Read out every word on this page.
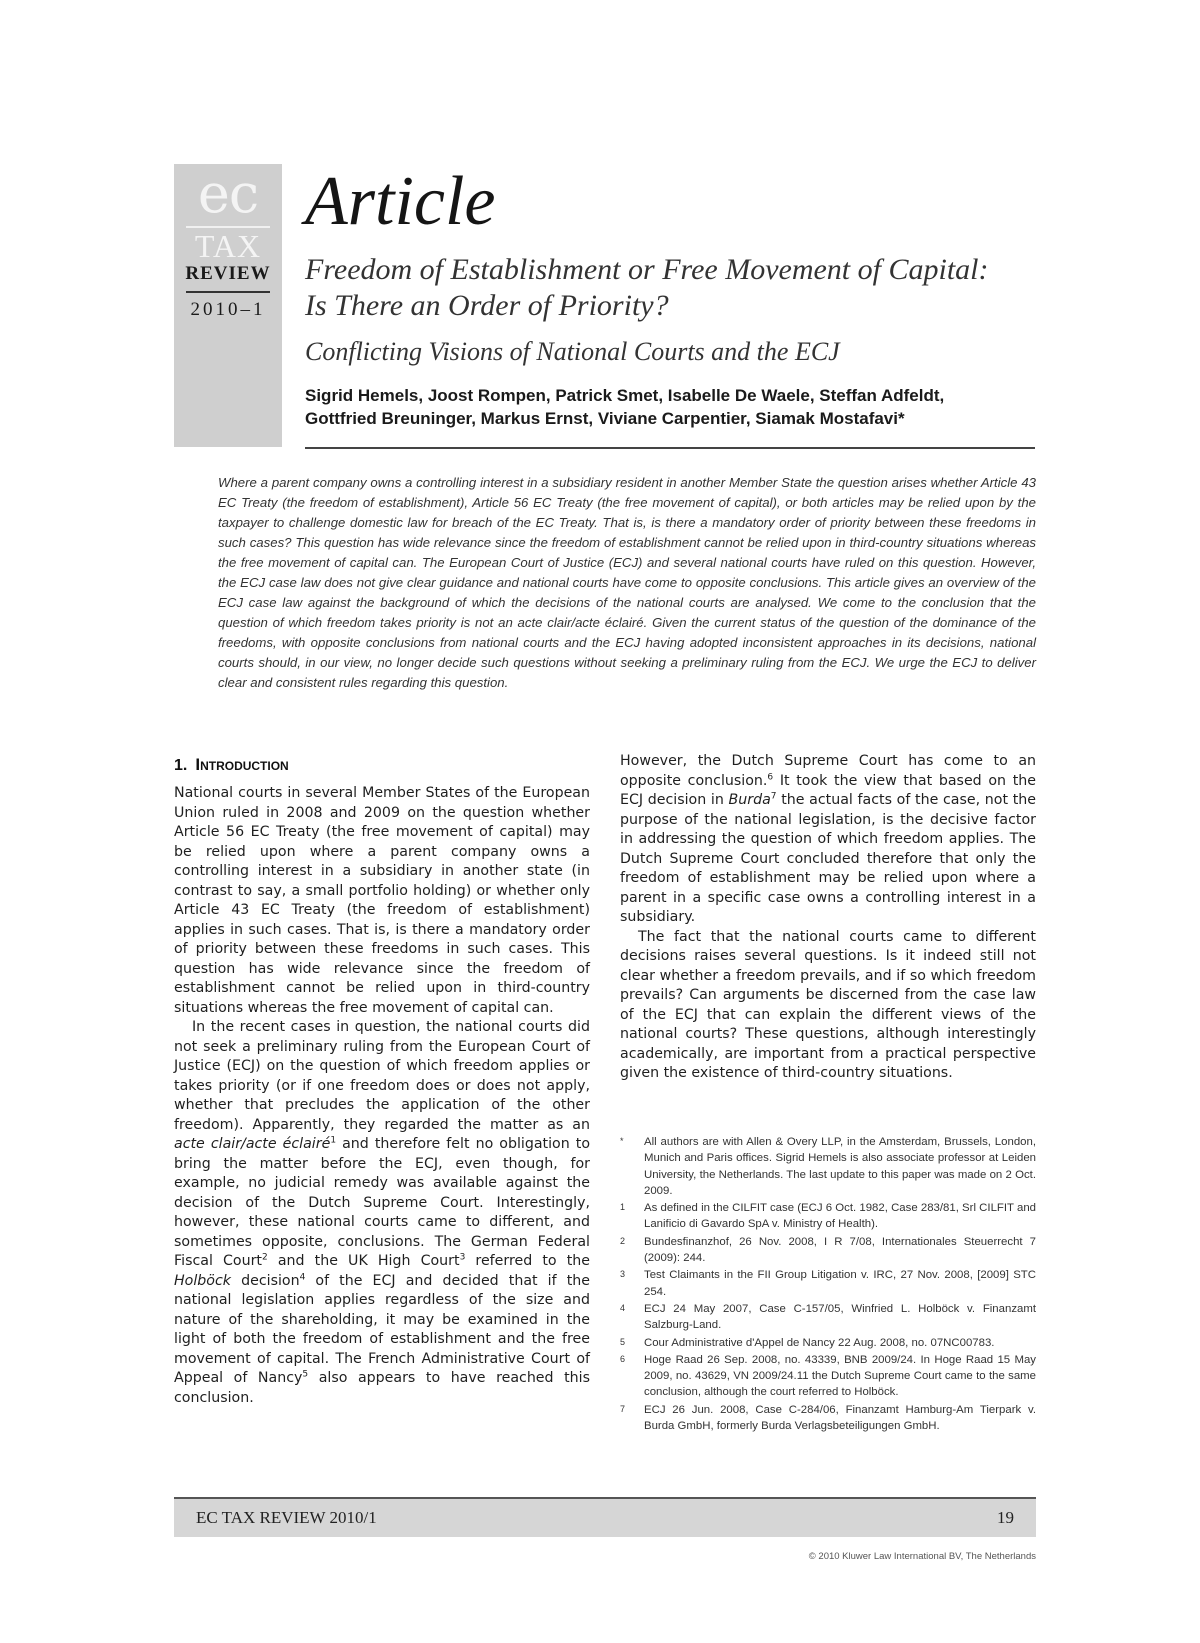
ec
TAX
REVIEW
2010–1
Article
Freedom of Establishment or Free Movement of Capital:
Is There an Order of Priority?
Conflicting Visions of National Courts and the ECJ
Sigrid Hemels, Joost Rompen, Patrick Smet, Isabelle De Waele, Steffan Adfeldt,
Gottfried Breuninger, Markus Ernst, Viviane Carpentier, Siamak Mostafavi*

Where a parent company owns a controlling interest in a subsidiary resident in another Member State the question arises whether Article 43 EC Treaty (the freedom of establishment), Article 56 EC Treaty (the free movement of capital), or both articles may be relied upon by the taxpayer to challenge domestic law for breach of the EC Treaty. That is, is there a mandatory order of priority between these freedoms in such cases? This question has wide relevance since the freedom of establishment cannot be relied upon in third-country situations whereas the free movement of capital can. The European Court of Justice (ECJ) and several national courts have ruled on this question. However, the ECJ case law does not give clear guidance and national courts have come to opposite conclusions. This article gives an overview of the ECJ case law against the background of which the decisions of the national courts are analysed. We come to the conclusion that the question of which freedom takes priority is not an acte clair/acte éclairé. Given the current status of the question of the dominance of the freedoms, with opposite conclusions from national courts and the ECJ having adopted inconsistent approaches in its decisions, national courts should, in our view, no longer decide such questions without seeking a preliminary ruling from the ECJ. We urge the ECJ to deliver clear and consistent rules regarding this question.

1. Introduction

National courts in several Member States of the European Union ruled in 2008 and 2009 on the question whether Article 56 EC Treaty (the free movement of capital) may be relied upon where a parent company owns a controlling interest in a subsidiary in another state (in contrast to say, a small portfolio holding) or whether only Article 43 EC Treaty (the freedom of establishment) applies in such cases. That is, is there a mandatory order of priority between these freedoms in such cases. This question has wide relevance since the freedom of establishment cannot be relied upon in third-country situations whereas the free movement of capital can.

In the recent cases in question, the national courts did not seek a preliminary ruling from the European Court of Justice (ECJ) on the question of which freedom applies or takes priority (or if one freedom does or does not apply, whether that precludes the application of the other freedom). Apparently, they regarded the matter as an acte clair/acte éclairé$^1$ and therefore felt no obligation to bring the matter before the ECJ, even though, for example, no judicial remedy was available against the decision of the Dutch Supreme Court. Interestingly, however, these national courts came to different, and sometimes opposite, conclusions. The German Federal Fiscal Court$^2$ and the UK High Court$^3$ referred to the Holböck decision$^4$ of the ECJ and decided that if the national legislation applies regardless of the size and nature of the shareholding, it may be examined in the light of both the freedom of establishment and the free movement of capital. The French Administrative Court of Appeal of Nancy$^5$ also appears to have reached this conclusion.

However, the Dutch Supreme Court has come to an opposite conclusion.$^6$ It took the view that based on the ECJ decision in Burda$^7$ the actual facts of the case, not the purpose of the national legislation, is the decisive factor in addressing the question of which freedom applies. The Dutch Supreme Court concluded therefore that only the freedom of establishment may be relied upon where a parent in a specific case owns a controlling interest in a subsidiary.

The fact that the national courts came to different decisions raises several questions. Is it indeed still not clear whether a freedom prevails, and if so which freedom prevails? Can arguments be discerned from the case law of the ECJ that can explain the different views of the national courts? These questions, although interestingly academically, are important from a practical perspective given the existence of third-country situations.

*	All authors are with Allen & Overy LLP, in the Amsterdam, Brussels, London, Munich and Paris offices. Sigrid Hemels is also associate professor at Leiden University, the Netherlands. The last update to this paper was made on 2 Oct. 2009.
1	As defined in the CILFIT case (ECJ 6 Oct. 1982, Case 283/81, Srl CILFIT and Lanificio di Gavardo SpA v. Ministry of Health).
2	Bundesfinanzhof, 26 Nov. 2008, I R 7/08, Internationales Steuerrecht 7 (2009): 244.
3	Test Claimants in the FII Group Litigation v. IRC, 27 Nov. 2008, [2009] STC 254.
4	ECJ 24 May 2007, Case C-157/05, Winfried L. Holböck v. Finanzamt Salzburg-Land.
5	Cour Administrative d'Appel de Nancy 22 Aug. 2008, no. 07NC00783.
6	Hoge Raad 26 Sep. 2008, no. 43339, BNB 2009/24. In Hoge Raad 15 May 2009, no. 43629, VN 2009/24.11 the Dutch Supreme Court came to the same conclusion, although the court referred to Holböck.
7	ECJ 26 Jun. 2008, Case C-284/06, Finanzamt Hamburg-Am Tierpark v. Burda GmbH, formerly Burda Verlagsbeteiligungen GmbH.
EC TAX REVIEW 2010/1	19
© 2010 Kluwer Law International BV, The Netherlands
